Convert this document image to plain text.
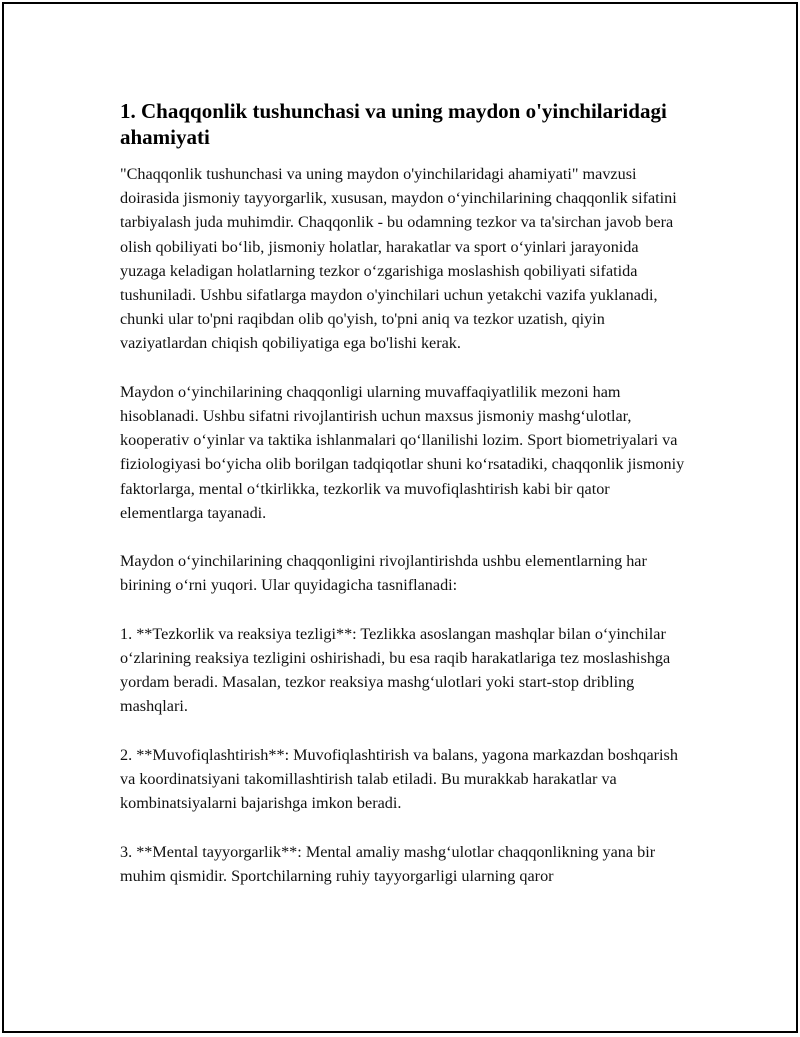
1. Chaqqonlik tushunchasi va uning maydon o'yinchilaridagi ahamiyati

"Chaqqonlik tushunchasi va uning maydon o'yinchilaridagi ahamiyati" mavzusi doirasida jismoniy tayyorgarlik, xususan, maydon o‘yinchilarining chaqqonlik sifatini tarbiyalash juda muhimdir. Chaqqonlik - bu odamning tezkor va ta'sirchan javob bera olish qobiliyati bo‘lib, jismoniy holatlar, harakatlar va sport o‘yinlari jarayonida yuzaga keladigan holatlarning tezkor o‘zgarishiga moslashish qobiliyati sifatida tushuniladi. Ushbu sifatlarga maydon o'yinchilari uchun yetakchi vazifa yuklanadi, chunki ular to'pni raqibdan olib qo'yish, to'pni aniq va tezkor uzatish, qiyin vaziyatlardan chiqish qobiliyatiga ega bo'lishi kerak.

Maydon o‘yinchilarining chaqqonligi ularning muvaffaqiyatlilik mezoni ham hisoblanadi. Ushbu sifatni rivojlantirish uchun maxsus jismoniy mashg‘ulotlar, kooperativ o‘yinlar va taktika ishlanmalari qo‘llanilishi lozim. Sport biometriyalari va fiziologiyasi bo‘yicha olib borilgan tadqiqotlar shuni ko‘rsatadiki, chaqqonlik jismoniy faktorlarga, mental o‘tkirlikka, tezkorlik va muvofiqlashtirish kabi bir qator elementlarga tayanadi.

Maydon o‘yinchilarining chaqqonligini rivojlantirishda ushbu elementlarning har birining o‘rni yuqori. Ular quyidagicha tasniflanadi:

1. **Tezkorlik va reaksiya tezligi**: Tezlikka asoslangan mashqlar bilan o‘yinchilar o‘zlarining reaksiya tezligini oshirishadi, bu esa raqib harakatlariga tez moslashishga yordam beradi. Masalan, tezkor reaksiya mashg‘ulotlari yoki start-stop dribling mashqlari.

2. **Muvofiqlashtirish**: Muvofiqlashtirish va balans, yagona markazdan boshqarish va koordinatsiyani takomillashtirish talab etiladi. Bu murakkab harakatlar va kombinatsiyalarni bajarishga imkon beradi.

3. **Mental tayyorgarlik**: Mental amaliy mashg‘ulotlar chaqqonlikning yana bir muhim qismidir. Sportchilarning ruhiy tayyorgarligi ularning qaror
